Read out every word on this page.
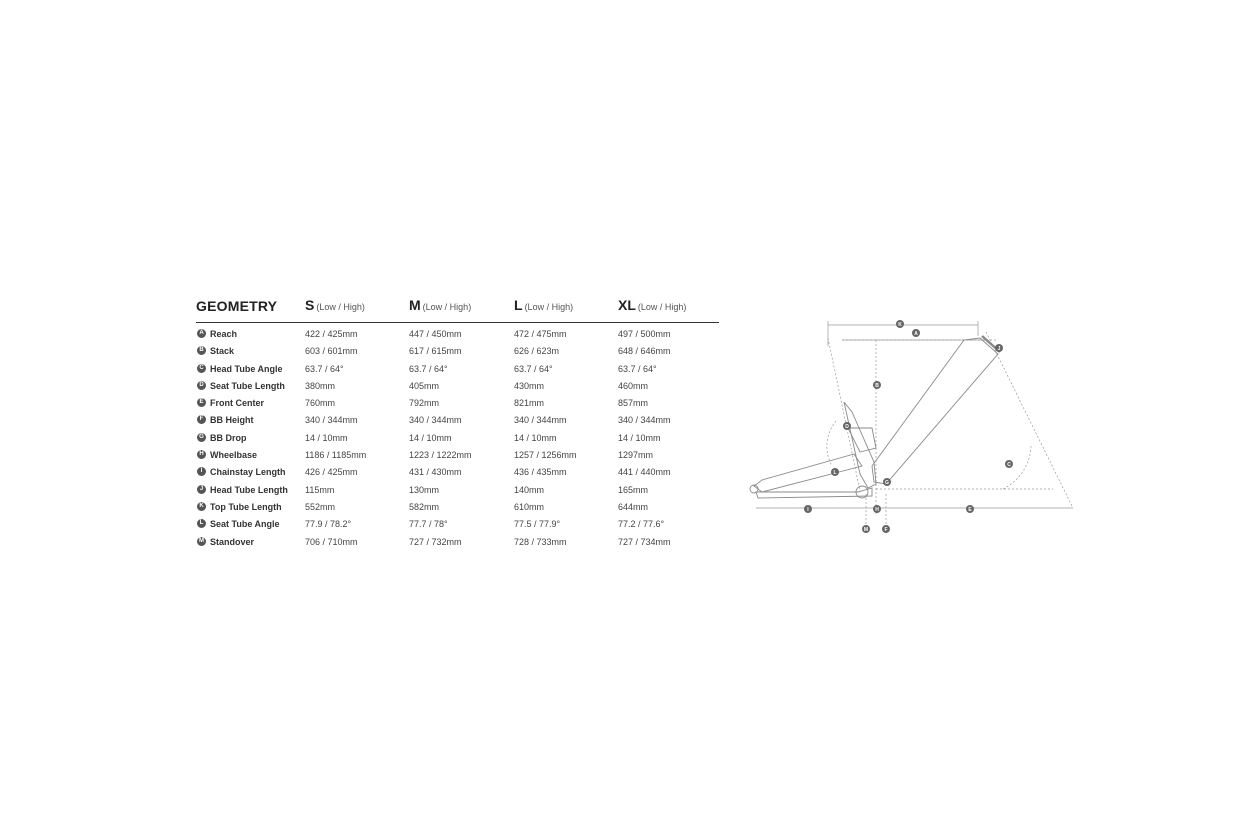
GEOMETRY S (Low / High)	M (Low / High)	L (Low / High)	XL (Low / High)
A Reach	422 / 425mm	447 / 450mm	472 / 475mm	497 / 500mm
B Stack	603 / 601mm	617 / 615mm	626 / 623m	648 / 646mm
C Head Tube Angle 63.7 / 64°	63.7 / 64°	63.7 / 64°	63.7 / 64°
D Seat Tube Length 380mm	405mm	430mm	460mm
E Front Center	760mm	792mm	821mm	857mm
F BB Height	340 / 344mm	340 / 344mm	340 / 344mm	340 / 344mm
G BB Drop	14 / 10mm	14 / 10mm	14 / 10mm	14 / 10mm
H Wheelbase	1186 / 1185mm	1223 / 1222mm	1257 / 1256mm	1297mm
I Chainstay Length 426 / 425mm	431 / 430mm	436 / 435mm	441 / 440mm
J Head Tube Length 115mm	130mm	140mm	165mm
K Top Tube Length	552mm	582mm	610mm	644mm
L Seat Tube Angle	77.9 / 78.2°	77.7 / 78°	77.5 / 77.9°	77.2 / 77.6°
M Standover	706 / 710mm	727 / 732mm	728 / 733mm	727 / 734mm
K
A
J
B
D
C
L
G
I	H	E
M	F
